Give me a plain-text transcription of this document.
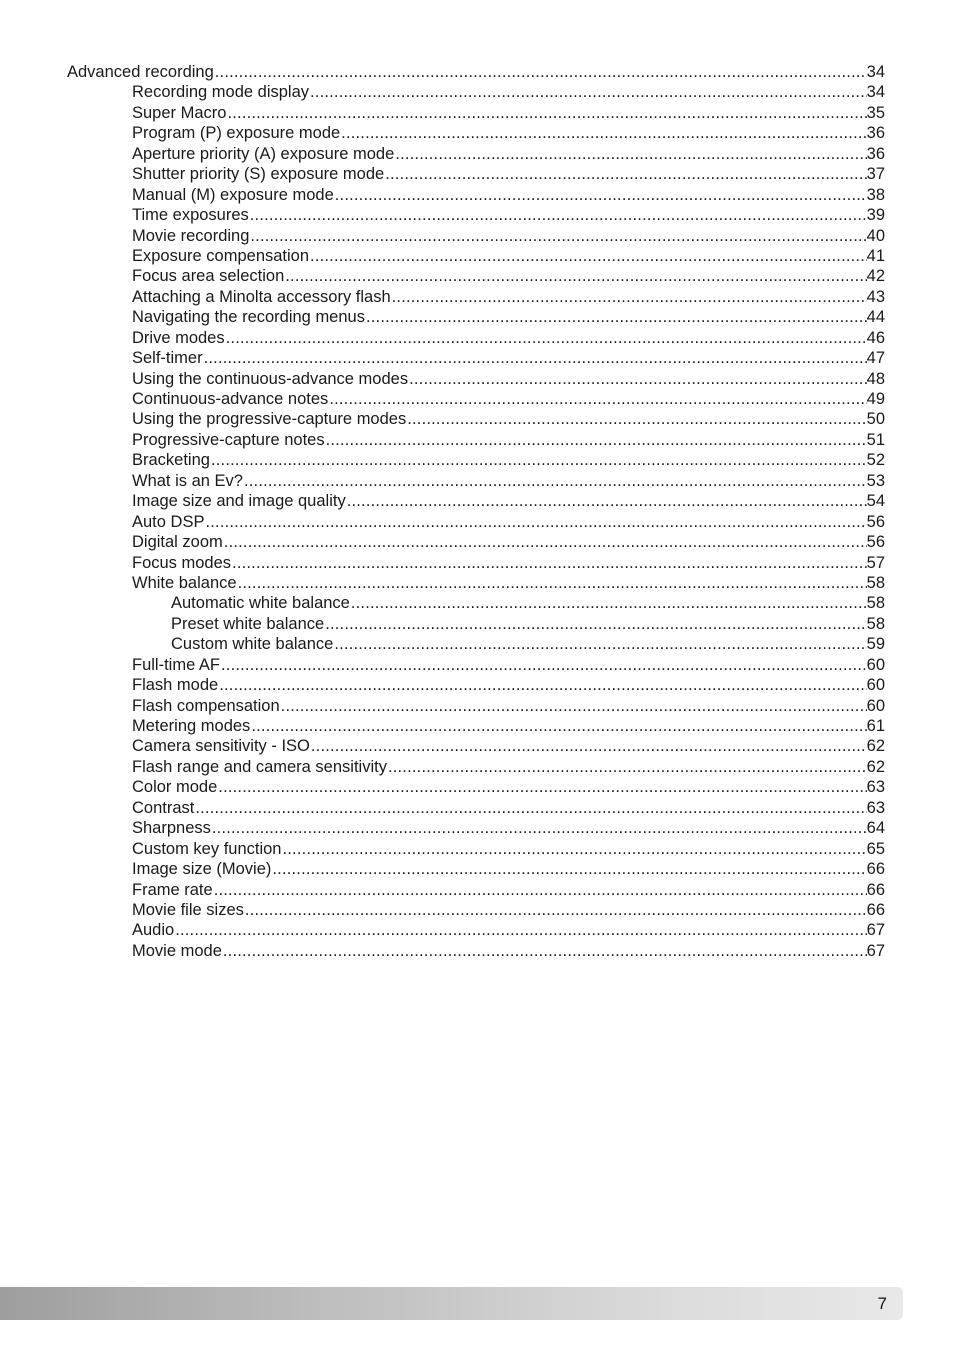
Advanced recording .....	34
Recording mode display .....	34
Super Macro .....	35
Program (P) exposure mode .....	36
Aperture priority (A) exposure mode .....	36
Shutter priority (S) exposure mode .....	37
Manual (M) exposure mode .....	38
Time exposures .....	39
Movie recording .....	40
Exposure compensation .....	41
Focus area selection .....	42
Attaching a Minolta accessory flash .....	43
Navigating the recording menus .....	44
Drive modes .....	46
Self-timer .....	47
Using the continuous-advance modes .....	48
Continuous-advance notes .....	49
Using the progressive-capture modes .....	50
Progressive-capture notes .....	51
Bracketing .....	52
What is an Ev? .....	53
Image size and image quality .....	54
Auto DSP .....	56
Digital zoom .....	56
Focus modes .....	57
White balance .....	58
Automatic white balance .....	58
Preset white balance .....	58
Custom white balance .....	59
Full-time AF .....	60
Flash mode .....	60
Flash compensation .....	60
Metering modes .....	61
Camera sensitivity - ISO .....	62
Flash range and camera sensitivity .....	62
Color mode .....	63
Contrast .....	63
Sharpness .....	64
Custom key function .....	65
Image size (Movie) .....	66
Frame rate .....	66
Movie file sizes .....	66
Audio .....	67
Movie mode .....	67
7
